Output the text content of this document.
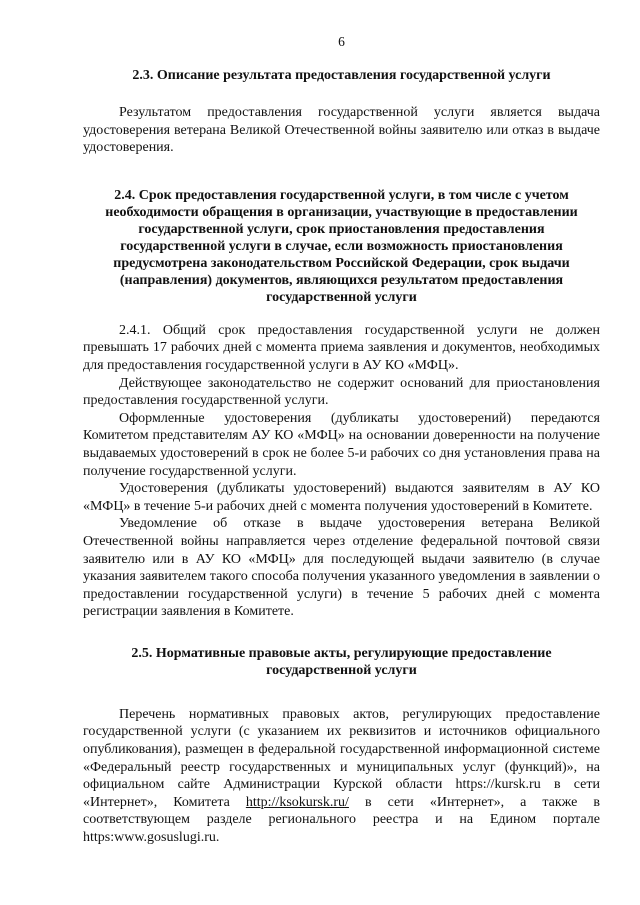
6
2.3. Описание результата предоставления государственной услуги

Результатом предоставления государственной услуги является выдача удостоверения ветерана Великой Отечественной войны заявителю или отказ в выдаче удостоверения.

2.4. Срок предоставления государственной услуги, в том числе с учетом необходимости обращения в организации, участвующие в предоставлении государственной услуги, срок приостановления предоставления государственной услуги в случае, если возможность приостановления предусмотрена законодательством Российской Федерации, срок выдачи (направления) документов, являющихся результатом предоставления государственной услуги

2.4.1. Общий срок предоставления государственной услуги не должен превышать 17 рабочих дней с момента приема заявления и документов, необходимых для предоставления государственной услуги в АУ КО «МФЦ».

Действующее законодательство не содержит оснований для приостановления предоставления государственной услуги.

Оформленные удостоверения (дубликаты удостоверений) передаются Комитетом представителям АУ КО «МФЦ» на основании доверенности на получение выдаваемых удостоверений в срок не более 5-и рабочих со дня установления права на получение государственной услуги.

Удостоверения (дубликаты удостоверений) выдаются заявителям в АУ КО «МФЦ» в течение 5-и рабочих дней с момента получения удостоверений в Комитете.

Уведомление об отказе в выдаче удостоверения ветерана Великой Отечественной войны направляется через отделение федеральной почтовой связи заявителю или в АУ КО «МФЦ» для последующей выдачи заявителю (в случае указания заявителем такого способа получения указанного уведомления в заявлении о предоставлении государственной услуги) в течение 5 рабочих дней с момента регистрации заявления в Комитете.

2.5. Нормативные правовые акты, регулирующие предоставление государственной услуги

Перечень нормативных правовых актов, регулирующих предоставление государственной услуги (с указанием их реквизитов и источников официального опубликования), размещен в федеральной государственной информационной системе «Федеральный реестр государственных и муниципальных услуг (функций)», на официальном сайте Администрации Курской области https://kursk.ru в сети «Интернет», Комитета http://ksokursk.ru/ в сети «Интернет», а также в соответствующем разделе регионального реестра и на Едином портале https:www.gosuslugi.ru.
